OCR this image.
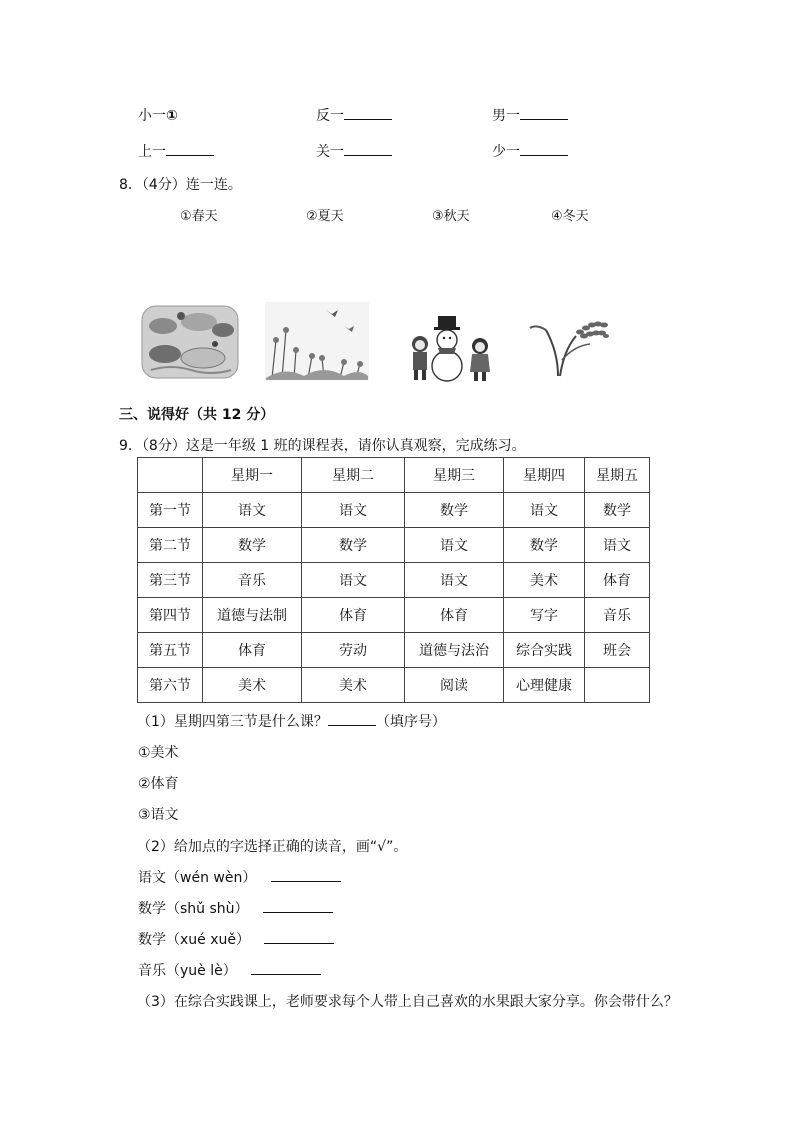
小一①	反一	男一
上一	关一	少一
8．（4分）连一连。
①春天	②夏天	③秋天	④冬天
三、说得好（共 12 分）
9．（8分）这是一年级 1 班的课程表，请你认真观察，完成练习。
	星期一	星期二	星期三	星期四	星期五
第一节	语文	语文	数学	语文	数学
第二节	数学	数学	语文	数学	语文
第三节	音乐	语文	语文	美术	体育
第四节	道德与法制	体育	体育	写字	音乐
第五节	体育	劳动	道德与法治	综合实践	班会
第六节	美术	美术	阅读	心理健康	
（1）星期四第三节是什么课？	（填序号）
①美术
②体育
③语文
（2）给加点的字选择正确的读音，画“√”。
语文（wén wèn）
数学（shǔ shù）
数学（xué xuě）
音乐（yuè lè）
（3）在综合实践课上，老师要求每个人带上自己喜欢的水果跟大家分享。你会带什么？
